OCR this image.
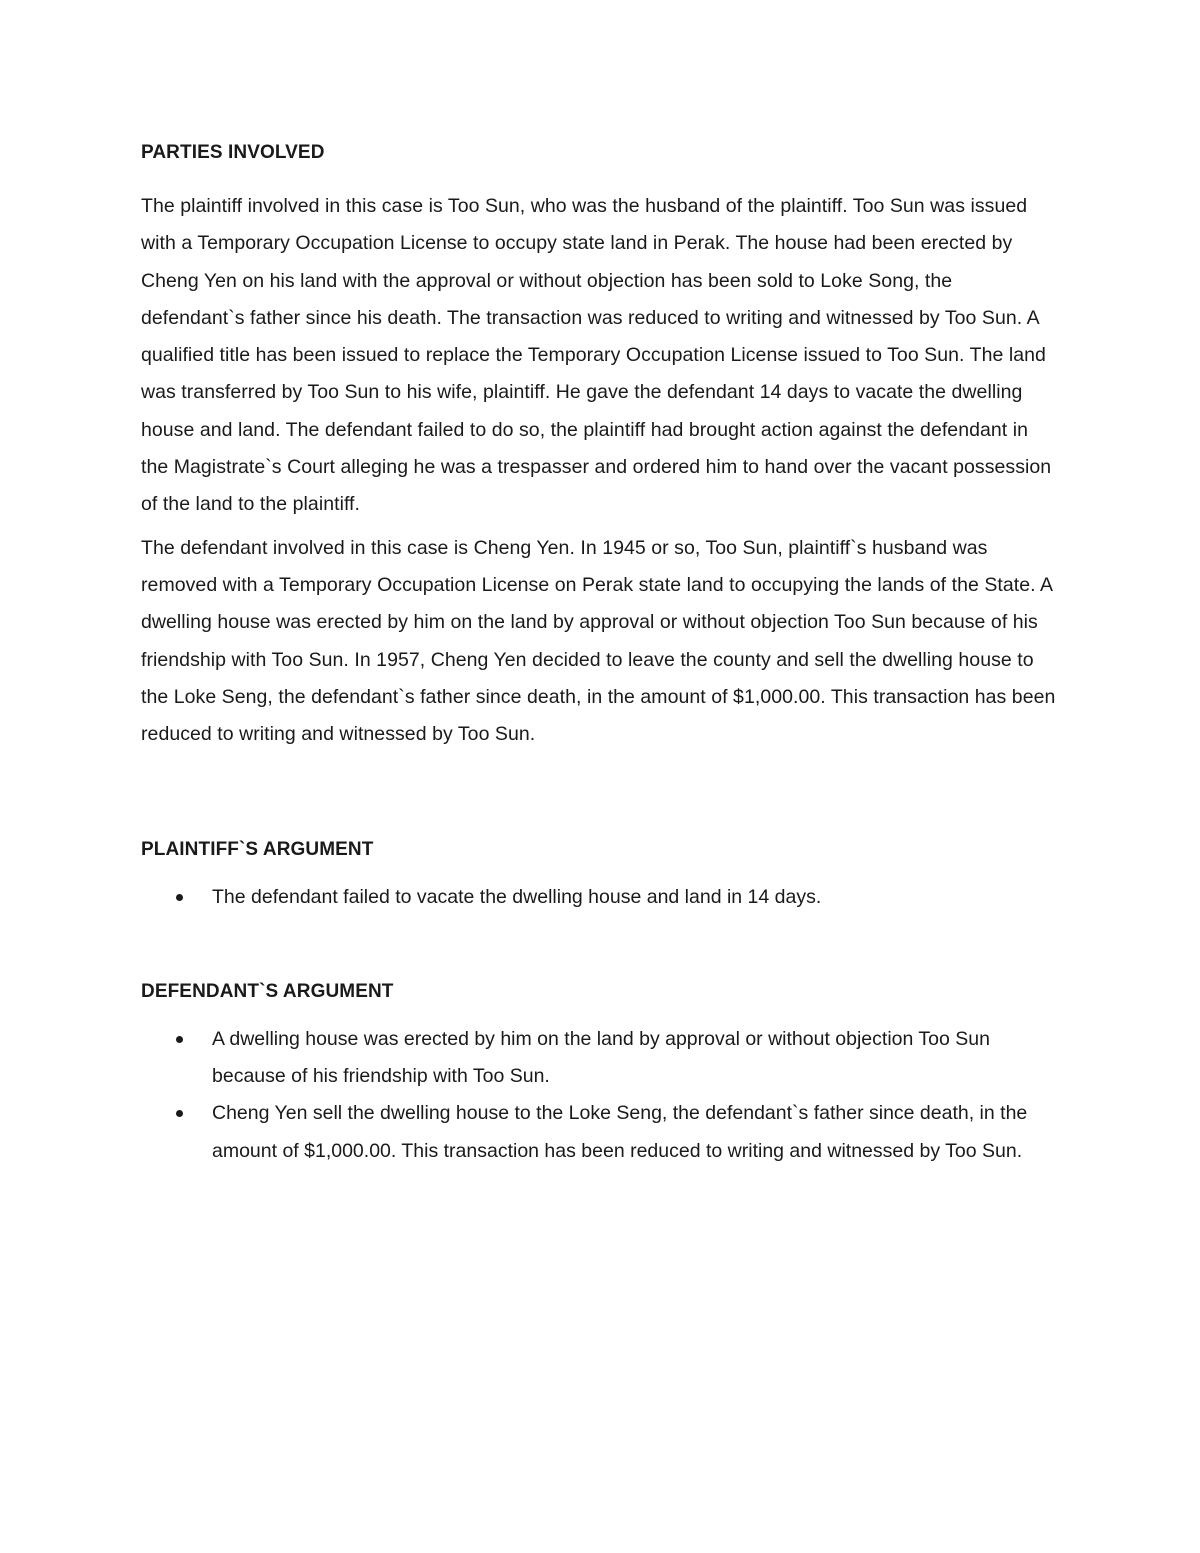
PARTIES INVOLVED

The plaintiff involved in this case is Too Sun, who was the husband of the plaintiff. Too Sun was issued with a Temporary Occupation License to occupy state land in Perak. The house had been erected by Cheng Yen on his land with the approval or without objection has been sold to Loke Song, the defendant`s father since his death. The transaction was reduced to writing and witnessed by Too Sun. A qualified title has been issued to replace the Temporary Occupation License issued to Too Sun. The land was transferred by Too Sun to his wife, plaintiff. He gave the defendant 14 days to vacate the dwelling house and land. The defendant failed to do so, the plaintiff had brought action against the defendant in the Magistrate`s Court alleging he was a trespasser and ordered him to hand over the vacant possession of the land to the plaintiff.

The defendant involved in this case is Cheng Yen. In 1945 or so, Too Sun, plaintiff`s husband was removed with a Temporary Occupation License on Perak state land to occupying the lands of the State. A dwelling house was erected by him on the land by approval or without objection Too Sun because of his friendship with Too Sun. In 1957, Cheng Yen decided to leave the county and sell the dwelling house to the Loke Seng, the defendant`s father since death, in the amount of $1,000.00. This transaction has been reduced to writing and witnessed by Too Sun.

PLAINTIFF`S ARGUMENT
The defendant failed to vacate the dwelling house and land in 14 days.
DEFENDANT`S ARGUMENT
A dwelling house was erected by him on the land by approval or without objection Too Sun because of his friendship with Too Sun.
Cheng Yen sell the dwelling house to the Loke Seng, the defendant`s father since death, in the amount of $1,000.00. This transaction has been reduced to writing and witnessed by Too Sun.
